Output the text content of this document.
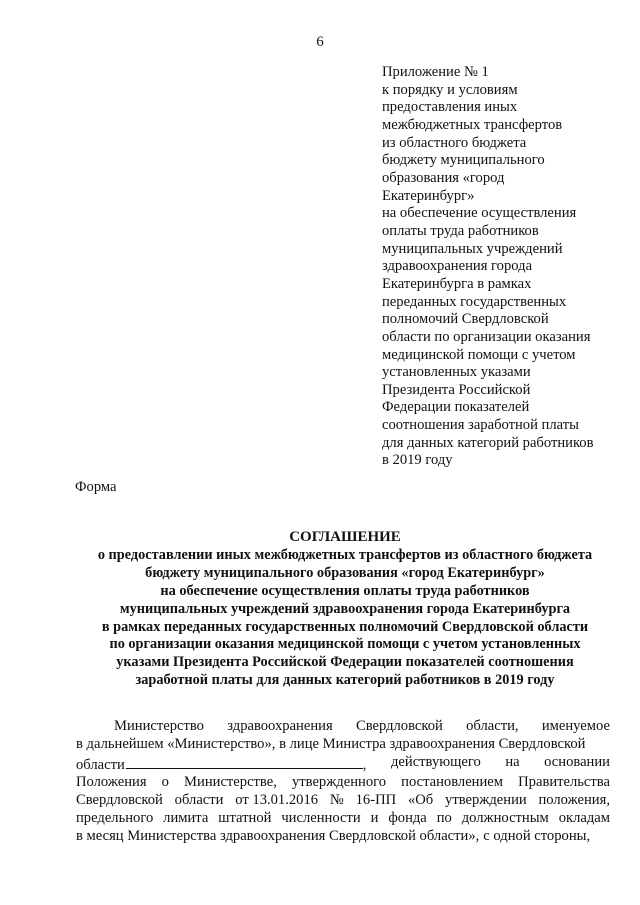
6
Приложение № 1
к порядку и условиям
предоставления иных
межбюджетных трансфертов
из областного бюджета
бюджету муниципального
образования «город
Екатеринбург»
на обеспечение осуществления
оплаты труда работников
муниципальных учреждений
здравоохранения города
Екатеринбурга в рамках
переданных государственных
полномочий Свердловской
области по организации оказания
медицинской помощи с учетом
установленных указами
Президента Российской
Федерации показателей
соотношения заработной платы
для данных категорий работников
в 2019 году
Форма
СОГЛАШЕНИЕ
о предоставлении иных межбюджетных трансфертов из областного бюджета
бюджету муниципального образования «город Екатеринбург»
на обеспечение осуществления оплаты труда работников
муниципальных учреждений здравоохранения города Екатеринбурга
в рамках переданных государственных полномочий Свердловской области
по организации оказания медицинской помощи с учетом установленных
указами Президента Российской Федерации показателей соотношения
заработной платы для данных категорий работников в 2019 году
Министерство здравоохранения Свердловской области, именуемое
в дальнейшем «Министерство», в лице Министра здравоохранения Свердловской
области	, действующего на основании
Положения о Министерстве, утвержденного постановлением Правительства
Свердловской области от 13.01.2016 № 16-ПП «Об утверждении положения,
предельного лимита штатной численности и фонда по должностным окладам
в месяц Министерства здравоохранения Свердловской области», с одной стороны,
